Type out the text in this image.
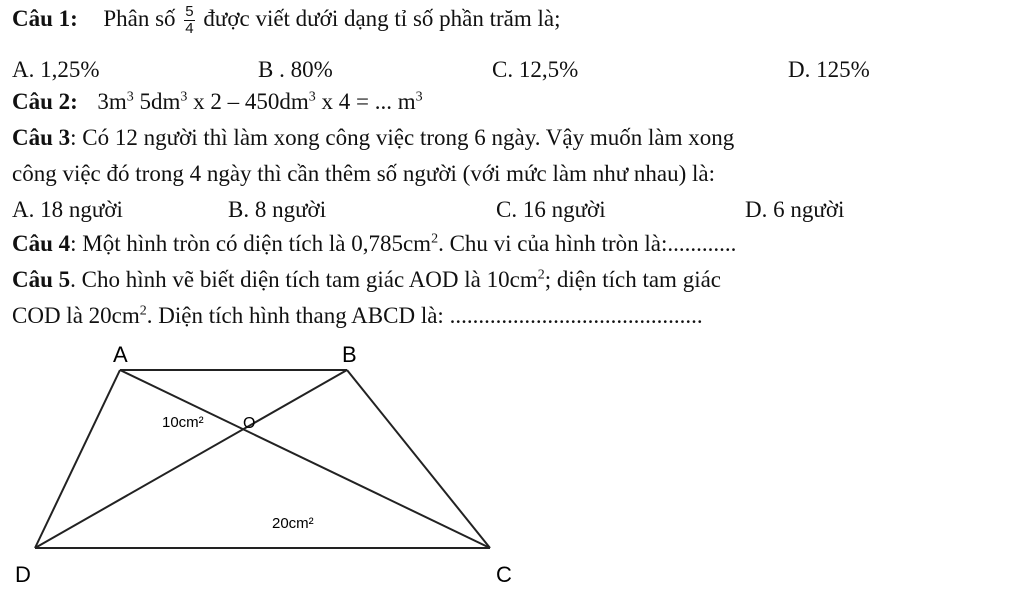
Câu 1: Phân số $\frac{5}{4}$ được viết dưới dạng tỉ số phần trăm là;
A. 1,25%	B . 80%	C. 12,5%	D. 125%
Câu 2: $3m^3$ $5dm^3$ x $2 - 450dm^3$ x 4 = ... $m^3$
Câu 3: Có 12 người thì làm xong công việc trong 6 ngày. Vậy muốn làm xong
công việc đó trong 4 ngày thì cần thêm số người (với mức làm như nhau) là:
A. 18 người	B. 8 người	C. 16 người	D. 6 người
Câu 4: Một hình tròn có diện tích là $0,785cm^2$. Chu vi của hình tròn là:............
Câu 5. Cho hình vẽ biết diện tích tam giác AOD là $10cm^2$; diện tích tam giác
COD là $20cm^2$. Diện tích hình thang ABCD là: ............................................
A	B
C
D
O
10cm²
20cm²
